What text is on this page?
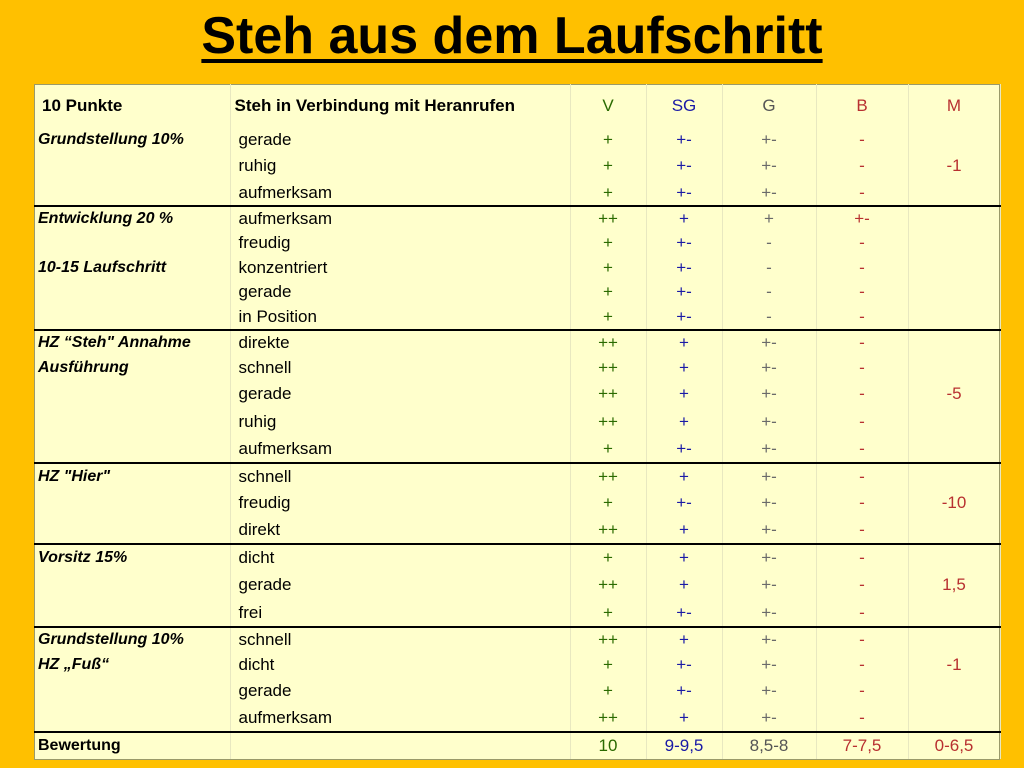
Steh aus dem Laufschritt
10 Punkte	Steh in Verbindung mit Heranrufen	V	SG	G	B	M
Grundstellung 10%	gerade	+	+-	+-	-	
	ruhig	+	+-	+-	-	-1
	aufmerksam	+	+-	+-	-	
Entwicklung 20 %	aufmerksam	++	+	+	+-	
	freudig	+	+-	-	-	
10-15 Laufschritt	konzentriert	+	+-	-	-	
	gerade	+	+-	-	-	
	in Position	+	+-	-	-	
HZ “Steh" Annahme	direkte	++	+	+-	-	
Ausführung	schnell	++	+	+-	-	
	gerade	++	+	+-	-	-5
	ruhig	++	+	+-	-	
	aufmerksam	+	+-	+-	-	
HZ "Hier"	schnell	++	+	+-	-	
	freudig	+	+-	+-	-	-10
	direkt	++	+	+-	-	
Vorsitz 15%	dicht	+	+	+-	-	
	gerade	++	+	+-	-	1,5
	frei	+	+-	+-	-	
Grundstellung 10%	schnell	++	+	+-	-	
HZ „Fuß“	dicht	+	+-	+-	-	-1
	gerade	+	+-	+-	-	
	aufmerksam	++	+	+-	-	
Bewertung		10	9-9,5	8,5-8	7-7,5	0-6,5
